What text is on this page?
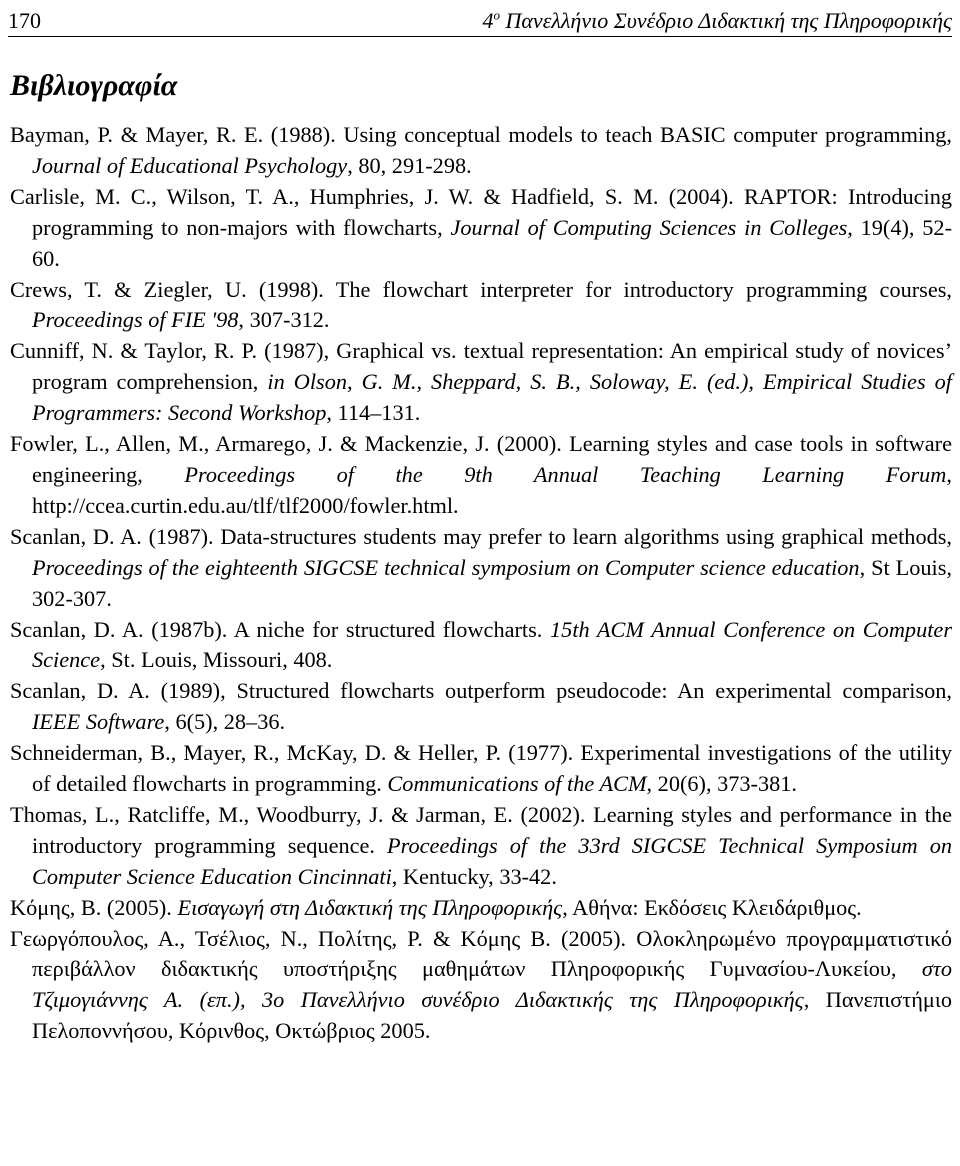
170	$4^o$ Πανελλήνιο Συνέδριο Διδακτική της Πληροφορικής
Βιβλιογραφία
Bayman, P. & Mayer, R. E. (1988). Using conceptual models to teach BASIC computer programming, Journal of Educational Psychology, 80, 291-298.
Carlisle, M. C., Wilson, T. A., Humphries, J. W. & Hadfield, S. M. (2004). RAPTOR: Introducing programming to non-majors with flowcharts, Journal of Computing Sciences in Colleges, 19(4), 52-60.
Crews, T. & Ziegler, U. (1998). The flowchart interpreter for introductory programming courses, Proceedings of FIE '98, 307-312.
Cunniff, N. & Taylor, R. P. (1987), Graphical vs. textual representation: An empirical study of novices’ program comprehension, in Olson, G. M., Sheppard, S. B., Soloway, E. (ed.), Empirical Studies of Programmers: Second Workshop, 114–131.
Fowler, L., Allen, M., Armarego, J. & Mackenzie, J. (2000). Learning styles and case tools in software engineering, Proceedings of the 9th Annual Teaching Learning Forum, http://ccea.curtin.edu.au/tlf/tlf2000/fowler.html.
Scanlan, D. A. (1987). Data-structures students may prefer to learn algorithms using graphical methods, Proceedings of the eighteenth SIGCSE technical symposium on Computer science education, St Louis, 302-307.
Scanlan, D. A. (1987b). A niche for structured flowcharts. 15th ACM Annual Conference on Computer Science, St. Louis, Missouri, 408.
Scanlan, D. A. (1989), Structured flowcharts outperform pseudocode: An experimental comparison, IEEE Software, 6(5), 28–36.
Schneiderman, B., Mayer, R., McKay, D. & Heller, P. (1977). Experimental investigations of the utility of detailed flowcharts in programming. Communications of the ACM, 20(6), 373-381.
Thomas, L., Ratcliffe, M., Woodburry, J. & Jarman, E. (2002). Learning styles and performance in the introductory programming sequence. Proceedings of the 33rd SIGCSE Technical Symposium on Computer Science Education Cincinnati, Kentucky, 33-42.
Κόμης, Β. (2005). Εισαγωγή στη Διδακτική της Πληροφορικής, Αθήνα: Εκδόσεις Κλειδάριθμος.
Γεωργόπουλος, Α., Τσέλιος, Ν., Πολίτης, Ρ. & Κόμης Β. (2005). Ολοκληρωμένο προγραμματιστικό περιβάλλον διδακτικής υποστήριξης μαθημάτων Πληροφορικής Γυμνασίου-Λυκείου, στο Τζιμογιάννης Α. (επ.), 3ο Πανελλήνιο συνέδριο Διδακτικής της Πληροφορικής, Πανεπιστήμιο Πελοποννήσου, Κόρινθος, Οκτώβριος 2005.
